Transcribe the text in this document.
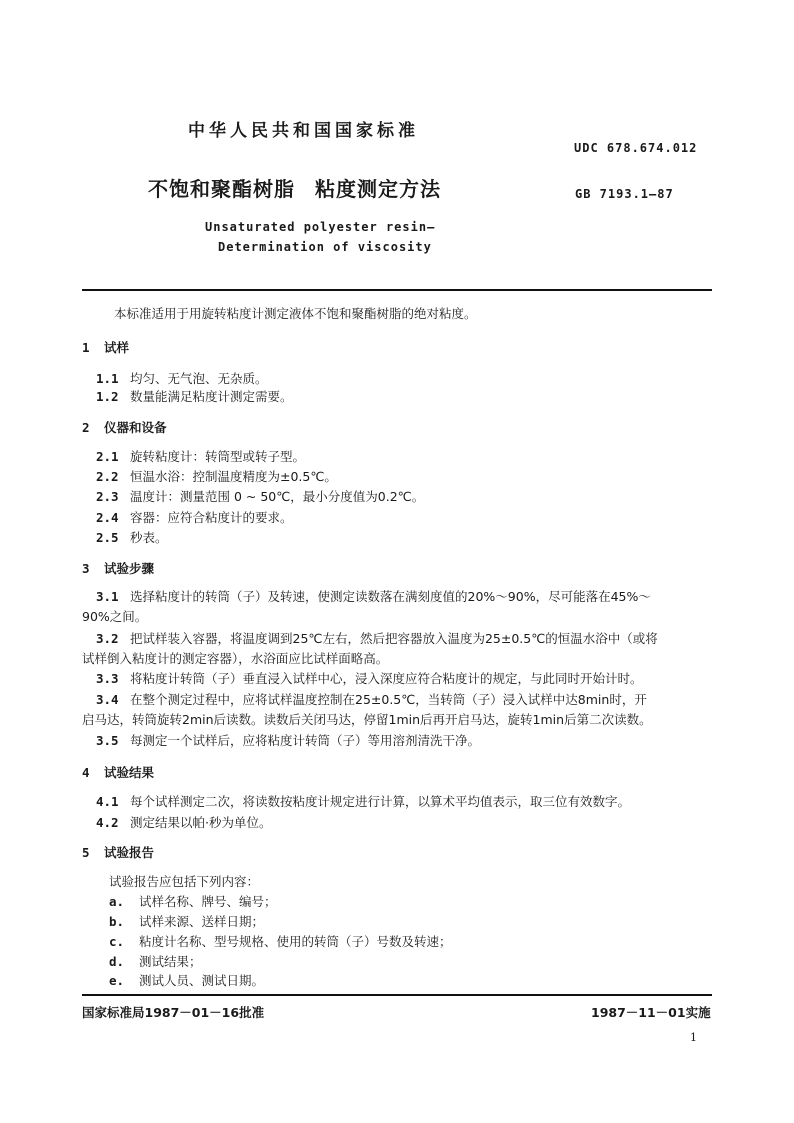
中华人民共和国国家标准
UDC 678.674.012
不饱和聚酯树脂 粘度测定方法	GB 7193.1—87
Unsaturated polyester resin—
Determination of viscosity
本标准适用于用旋转粘度计测定液体不饱和聚酯树脂的绝对粘度。
1 试样
1.1 均匀、无气泡、无杂质。
1.2 数量能满足粘度计测定需要。
2 仪器和设备
2.1 旋转粘度计：转筒型或转子型。
2.2 恒温水浴：控制温度精度为±0.5℃。
2.3 温度计：测量范围 0 ~ 50℃，最小分度值为0.2℃。
2.4 容器：应符合粘度计的要求。
2.5 秒表。
3 试验步骤
3.1 选择粘度计的转筒（子）及转速，使测定读数落在满刻度值的20%～90%，尽可能落在45%～
90%之间。
3.2 把试样装入容器，将温度调到25℃左右，然后把容器放入温度为25±0.5℃的恒温水浴中（或将
试样倒入粘度计的测定容器），水浴面应比试样面略高。
3.3 将粘度计转筒（子）垂直浸入试样中心，浸入深度应符合粘度计的规定，与此同时开始计时。
3.4 在整个测定过程中，应将试样温度控制在25±0.5℃，当转筒（子）浸入试样中达8min时，开
启马达，转筒旋转2min后读数。读数后关闭马达，停留1min后再开启马达，旋转1min后第二次读数。
3.5 每测定一个试样后，应将粘度计转筒（子）等用溶剂清洗干净。
4 试验结果
4.1 每个试样测定二次，将读数按粘度计规定进行计算，以算术平均值表示，取三位有效数字。
4.2 测定结果以帕·秒为单位。
5 试验报告
试验报告应包括下列内容：
a. 试样名称、牌号、编号；
b. 试样来源、送样日期；
c. 粘度计名称、型号规格、使用的转筒（子）号数及转速；
d. 测试结果；
e. 测试人员、测试日期。
国家标准局1987－01－16批准	1987－11－01实施
1
